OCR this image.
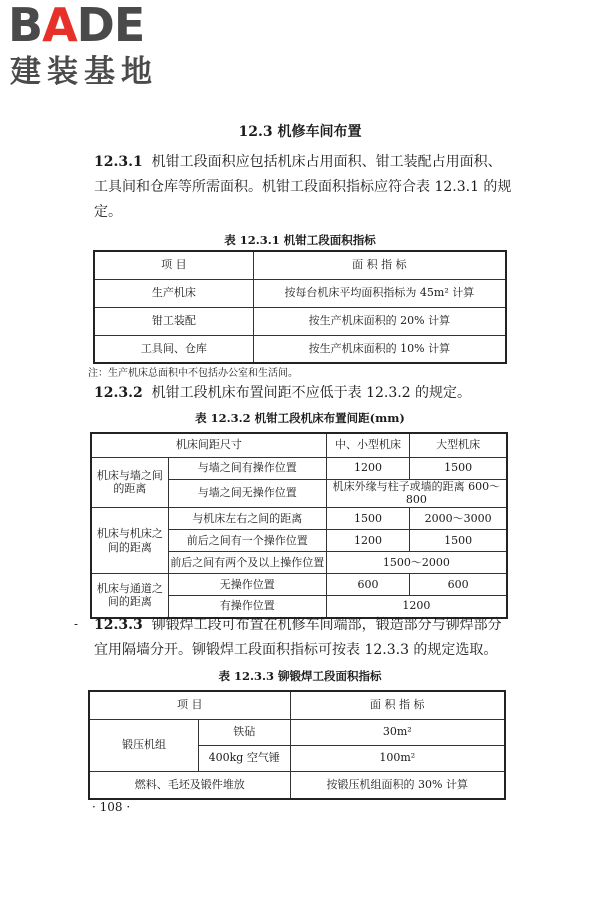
BADE
建装基地
12.3 机修车间布置
12.3.1 机钳工段面积应包括机床占用面积、钳工装配占用面积、工具间和仓库等所需面积。机钳工段面积指标应符合表 12.3.1 的规定。
表 12.3.1 机钳工段面积指标
项 目	面 积 指 标
生产机床	按每台机床平均面积指标为 45m² 计算
钳工装配	按生产机床面积的 20% 计算
工具间、仓库	按生产机床面积的 10% 计算
注：生产机床总面积中不包括办公室和生活间。
12.3.2 机钳工段机床布置间距不应低于表 12.3.2 的规定。
表 12.3.2 机钳工段机床布置间距(mm)
机床间距尺寸		中、小型机床	大型机床
机床与墙之间的距离	与墙之间有操作位置	1200	1500
	与墙之间无操作位置	机床外缘与柱子或墙的距离 600～800	
机床与机床之间的距离	与机床左右之间的距离	1500	2000～3000
	前后之间有一个操作位置	1200	1500
	前后之间有两个及以上操作位置	1500～2000	
机床与通道之间的距离	无操作位置	600	600
	有操作位置	1200	
- 12.3.3 铆锻焊工段可布置在机修车间端部，锻造部分与铆焊部分宜用隔墙分开。铆锻焊工段面积指标可按表 12.3.3 的规定选取。
表 12.3.3 铆锻焊工段面积指标
项 目		面 积 指 标
锻压机组	铁砧	30m²
	400kg 空气锤	100m²
燃料、毛坯及锻件堆放		按锻压机组面积的 30% 计算
· 108 ·
